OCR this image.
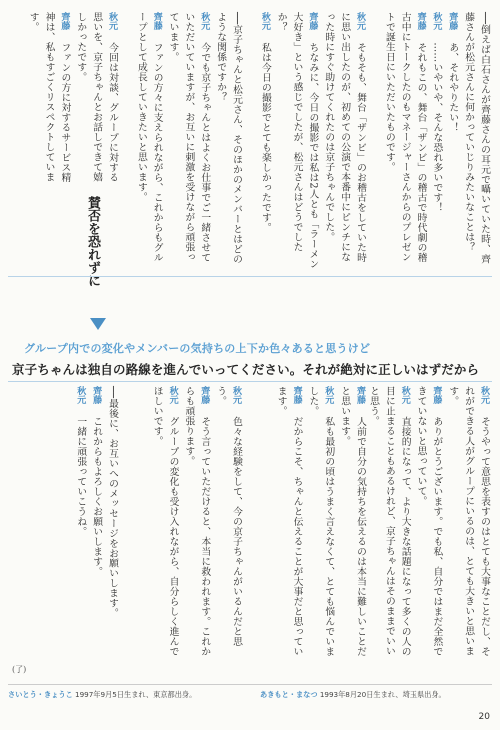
──倒えば白石さんが齊藤さんの耳元で囁いていた時、齊藤さんが松元さんに何かっていじりみたいなことは？
齊藤　あ、それやりたい！
秋元　……いやいや、そんな恐れ多いです！
齊藤　それもこの、舞台「ザンビ」の稽古で時代劇の稽古中にトークしたのもマネージャーさんからのプレゼントで誕生日にいただいたものです。
秋元　そもそも、舞台「ザンビ」のお稽古をしていた時に思い出したのが、初めての公演で本番中にピンチになった時にすぐ助けてくれたのは京子ちゃんでした。
齊藤　ちなみに、今日の撮影では私は2人とも「ラーメン大好き」という感じでしたが、松元さんはどうでしたか？
秋元　私は今日の撮影でとても楽しかったです。
──京子ちゃんと松元さん、そのほかのメンバーとはどのような関係ですか？
秋元　今でも京子ちゃんとはよくお仕事でご一緒させていただいていますが、お互いに刺激を受けながら頑張っています。
齊藤　ファンの方々に支えられながら、これからもグループとして成長していきたいと思います。
秋元　今回は対談、グループに対する思いを、京子ちゃんとお話しできて嬉しかったです。
齊藤　ファンの方に対するサービス精神は、私もすごくリスペクトしています。
賛否を恐れずに
グループ内での変化やメンバーの気持ちの上下か色々あると思うけど
京子ちゃんは独自の路線を進んでいってください。それが絶対に正しいはずだから
秋元　そうやって意思を表すのはとても大事なことだし、それができる人がグループにいるのは、とても大きいと思います。
齊藤　ありがとうございます。でも私、自分ではまだ全然できていないと思っていて。
秋元　直接的になって、より大きな話題になって多くの人の目に止まることもあるけれど、京子ちゃんはそのままでいいと思う。
齊藤　人前で自分の気持ちを伝えるのは本当に難しいことだと思います。
秋元　私も最初の頃はうまく言えなくて、とても悩んでいました。
齊藤　だからこそ、ちゃんと伝えることが大事だと思っています。
秋元　色々な経験をして、今の京子ちゃんがいるんだと思う。
齊藤　そう言っていただけると、本当に救われます。これからも頑張ります。
秋元　グループの変化も受け入れながら、自分らしく進んでほしいです。
──最後に、お互いへのメッセージをお願いします。
齊藤　これからもよろしくお願いします。
秋元　一緒に頑張っていこうね。
(了)
さいとう・きょうこ 1997年9月5日生まれ、東京都出身。	あきもと・まなつ 1993年8月20日生まれ、埼玉県出身。
20
